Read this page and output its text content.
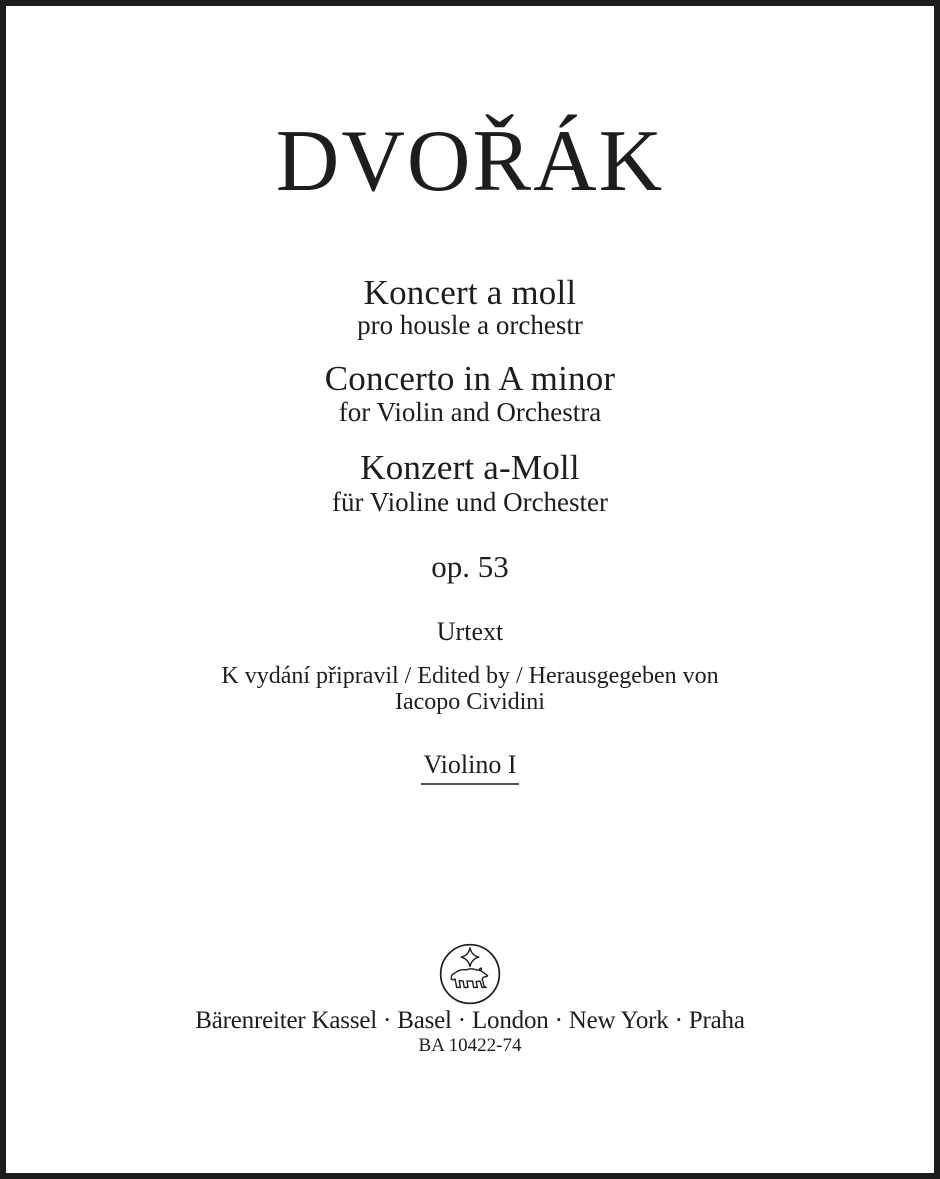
DVOŘÁK
Koncert a moll
pro housle a orchestr
Concerto in A minor
for Violin and Orchestra
Konzert a-Moll
für Violine und Orchester
op. 53
Urtext
K vydání připravil / Edited by / Herausgegeben von
Iacopo Cividini
Violino I
Bärenreiter Kassel · Basel · London · New York · Praha
BA 10422-74
